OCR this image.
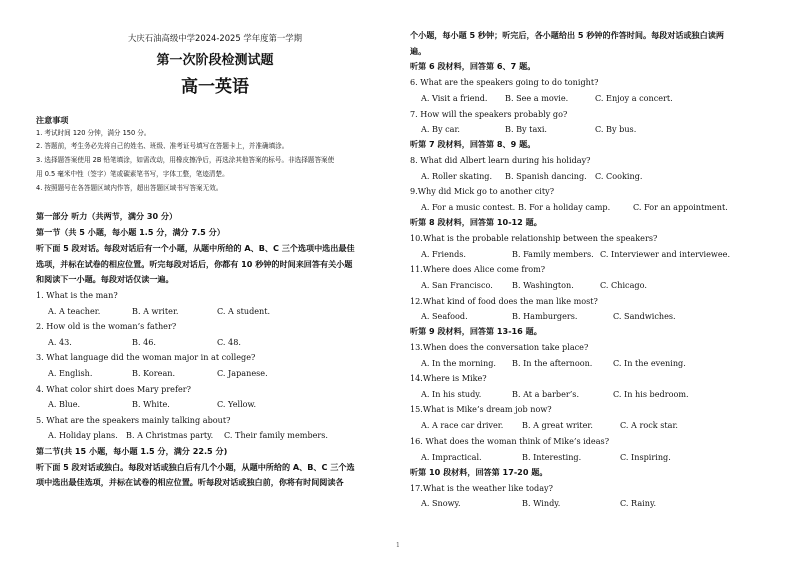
大庆石油高级中学2024-2025 学年度第一学期
第一次阶段检测试题
高一英语
注意事项
1. 考试时间 120 分钟，满分 150 分。
2. 答题前，考生务必先将自己的姓名、班级、准考证号填写在答题卡上，并准确填涂。
3. 选择题答案使用 2B 铅笔填涂，如需改动，用橡皮擦净后，再选涂其他答案的标号。非选择题答案使
用 0.5 毫米中性（签字）笔或碳素笔书写，字体工整，笔迹清楚。
4. 按照题号在各答题区域内作答，超出答题区域书写答案无效。
第一部分 听力（共两节，满分 30 分）
第一节（共 5 小题，每小题 1.5 分，满分 7.5 分）
听下面 5 段对话。每段对话后有一个小题，从题中所给的 A、B、C 三个选项中选出最佳
选项，并标在试卷的相应位置。听完每段对话后，你都有 10 秒钟的时间来回答有关小题
和阅读下一小题。每段对话仅读一遍。
1. What is the man?
A. A teacher.	B. A writer.	C. A student.
2. How old is the woman’s father?
A. 43.	B. 46.	C. 48.
3. What language did the woman major in at college?
A. English.	B. Korean.	C. Japanese.
4. What color shirt does Mary prefer?
A. Blue.	B. White.	C. Yellow.
5. What are the speakers mainly talking about?
A. Holiday plans. B. A Christmas party. C. Their family members.
第二节(共 15 小题，每小题 1.5 分，满分 22.5 分)
听下面 5 段对话或独白。每段对话或独白后有几个小题，从题中所给的 A、B、C 三个选
项中选出最佳选项，并标在试卷的相应位置。听每段对话或独白前，你将有时间阅读各
个小题，每小题 5 秒钟；听完后，各小题给出 5 秒钟的作答时间。每段对话或独白读两
遍。
听第 6 段材料，回答第 6、7 题。
6. What are the speakers going to do tonight?
A. Visit a friend. B. See a movie.	C. Enjoy a concert.
7. How will the speakers probably go?
A. By car.	B. By taxi.	C. By bus.
听第 7 段材料，回答第 8、9 题。
8. What did Albert learn during his holiday?
A. Roller skating. B. Spanish dancing. C. Cooking.
9.Why did Mick go to another city?
A. For a music contest. B. For a holiday camp.	C. For an appointment.
听第 8 段材料，回答第 10-12 题。
10.What is the probable relationship between the speakers?
A. Friends.	B. Family members. C. Interviewer and interviewee.
11.Where does Alice come from?
A. San Francisco. B. Washington.	C. Chicago.
12.What kind of food does the man like most?
A. Seafood.	B. Hamburgers.	C. Sandwiches.
听第 9 段材料，回答第 13-16 题。
13.When does the conversation take place?
A. In the morning. B. In the afternoon.	C. In the evening.
14.Where is Mike?
A. In his study.	B. At a barber’s.	C. In his bedroom.
15.What is Mike’s dream job now?
A. A race car driver. B. A great writer.	C. A rock star.
16. What does the woman think of Mike’s ideas?
A. Impractical.	B. Interesting.	C. Inspiring.
听第 10 段材料，回答第 17-20 题。
17.What is the weather like today?
A. Snowy.	B. Windy.	C. Rainy.
1
